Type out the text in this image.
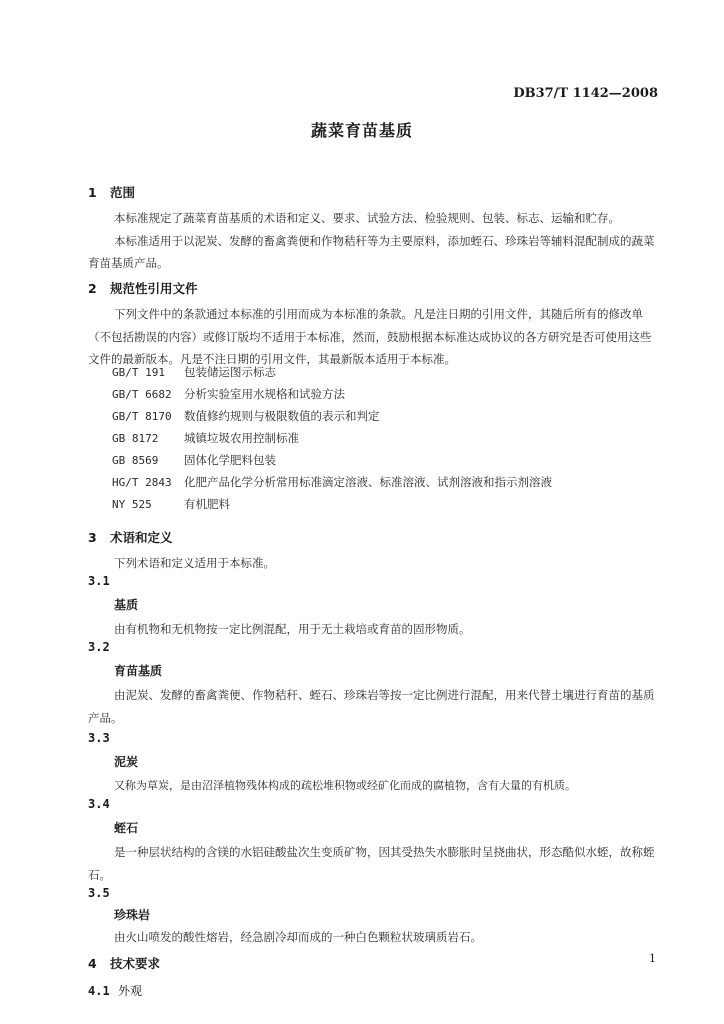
DB37/T 1142—2008
蔬菜育苗基质
1 范围

本标准规定了蔬菜育苗基质的术语和定义、要求、试验方法、检验规则、包装、标志、运输和贮存。

本标准适用于以泥炭、发酵的畜禽粪便和作物秸秆等为主要原料，添加蛭石、珍珠岩等辅料混配制成的蔬菜育苗基质产品。

2 规范性引用文件

下列文件中的条款通过本标准的引用而成为本标准的条款。凡是注日期的引用文件，其随后所有的修改单（不包括勘误的内容）或修订版均不适用于本标准，然而，鼓励根据本标准达成协议的各方研究是否可使用这些文件的最新版本。凡是不注日期的引用文件，其最新版本适用于本标准。

GB/T 191 包装储运图示标志
GB/T 6682 分析实验室用水规格和试验方法
GB/T 8170 数值修约规则与极限数值的表示和判定
GB 8172 城镇垃圾农用控制标准
GB 8569 固体化学肥料包装
HG/T 2843 化肥产品化学分析常用标准滴定溶液、标准溶液、试剂溶液和指示剂溶液
NY 525	有机肥料
3 术语和定义
下列术语和定义适用于本标准。
3.1
基质
由有机物和无机物按一定比例混配，用于无土栽培或育苗的固形物质。
3.2
育苗基质

由泥炭、发酵的畜禽粪便、作物秸秆、蛭石、珍珠岩等按一定比例进行混配，用来代替土壤进行育苗的基质产品。

3.3
泥炭
又称为草炭，是由沼泽植物残体构成的疏松堆积物或经矿化而成的腐植物，含有大量的有机质。
3.4
蛭石

是一种层状结构的含镁的水铝硅酸盐次生变质矿物，因其受热失水膨胀时呈挠曲状，形态酷似水蛭，故称蛭石。

3.5
珍珠岩
由火山喷发的酸性熔岩，经急剧冷却而成的一种白色颗粒状玻璃质岩石。
4 技术要求
4.1 外观
1
